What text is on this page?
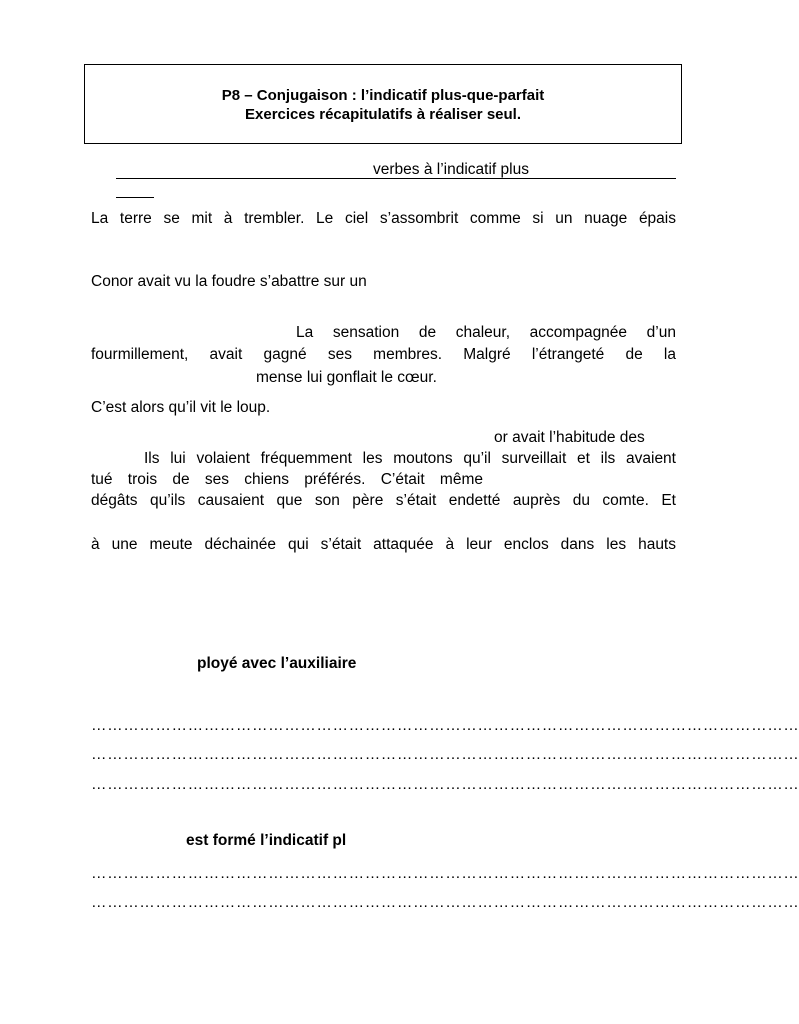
P8 – Conjugaison : l’indicatif plus-que-parfait
Exercices récapitulatifs à réaliser seul.
verbes à l’indicatif plus
La terre se mit à trembler. Le ciel s’assombrit comme si un nuage épais
Conor avait vu la foudre s’abattre sur un
La sensation de chaleur, accompagnée d’un
fourmillement, avait gagné ses membres. Malgré l’étrangeté de la
mense lui gonflait le cœur.
C’est alors qu’il vit le loup.
or avait l’habitude des
Ils lui volaient fréquemment les moutons qu’il surveillait et ils avaient
tué trois de ses chiens préférés. C’était même
dégâts qu’ils causaient que son père s’était endetté auprès du comte. Et
à une meute déchainée qui s’était attaquée à leur enclos dans les hauts
ployé avec l’auxiliaire
……………………………………………………………………………………………………………………
……………………………………………………………………………………………………………………
……………………………………………………………………………………………………………………
est formé l’indicatif pl
……………………………………………………………………………………………………………………
……………………………………………………………………………………………………………………
